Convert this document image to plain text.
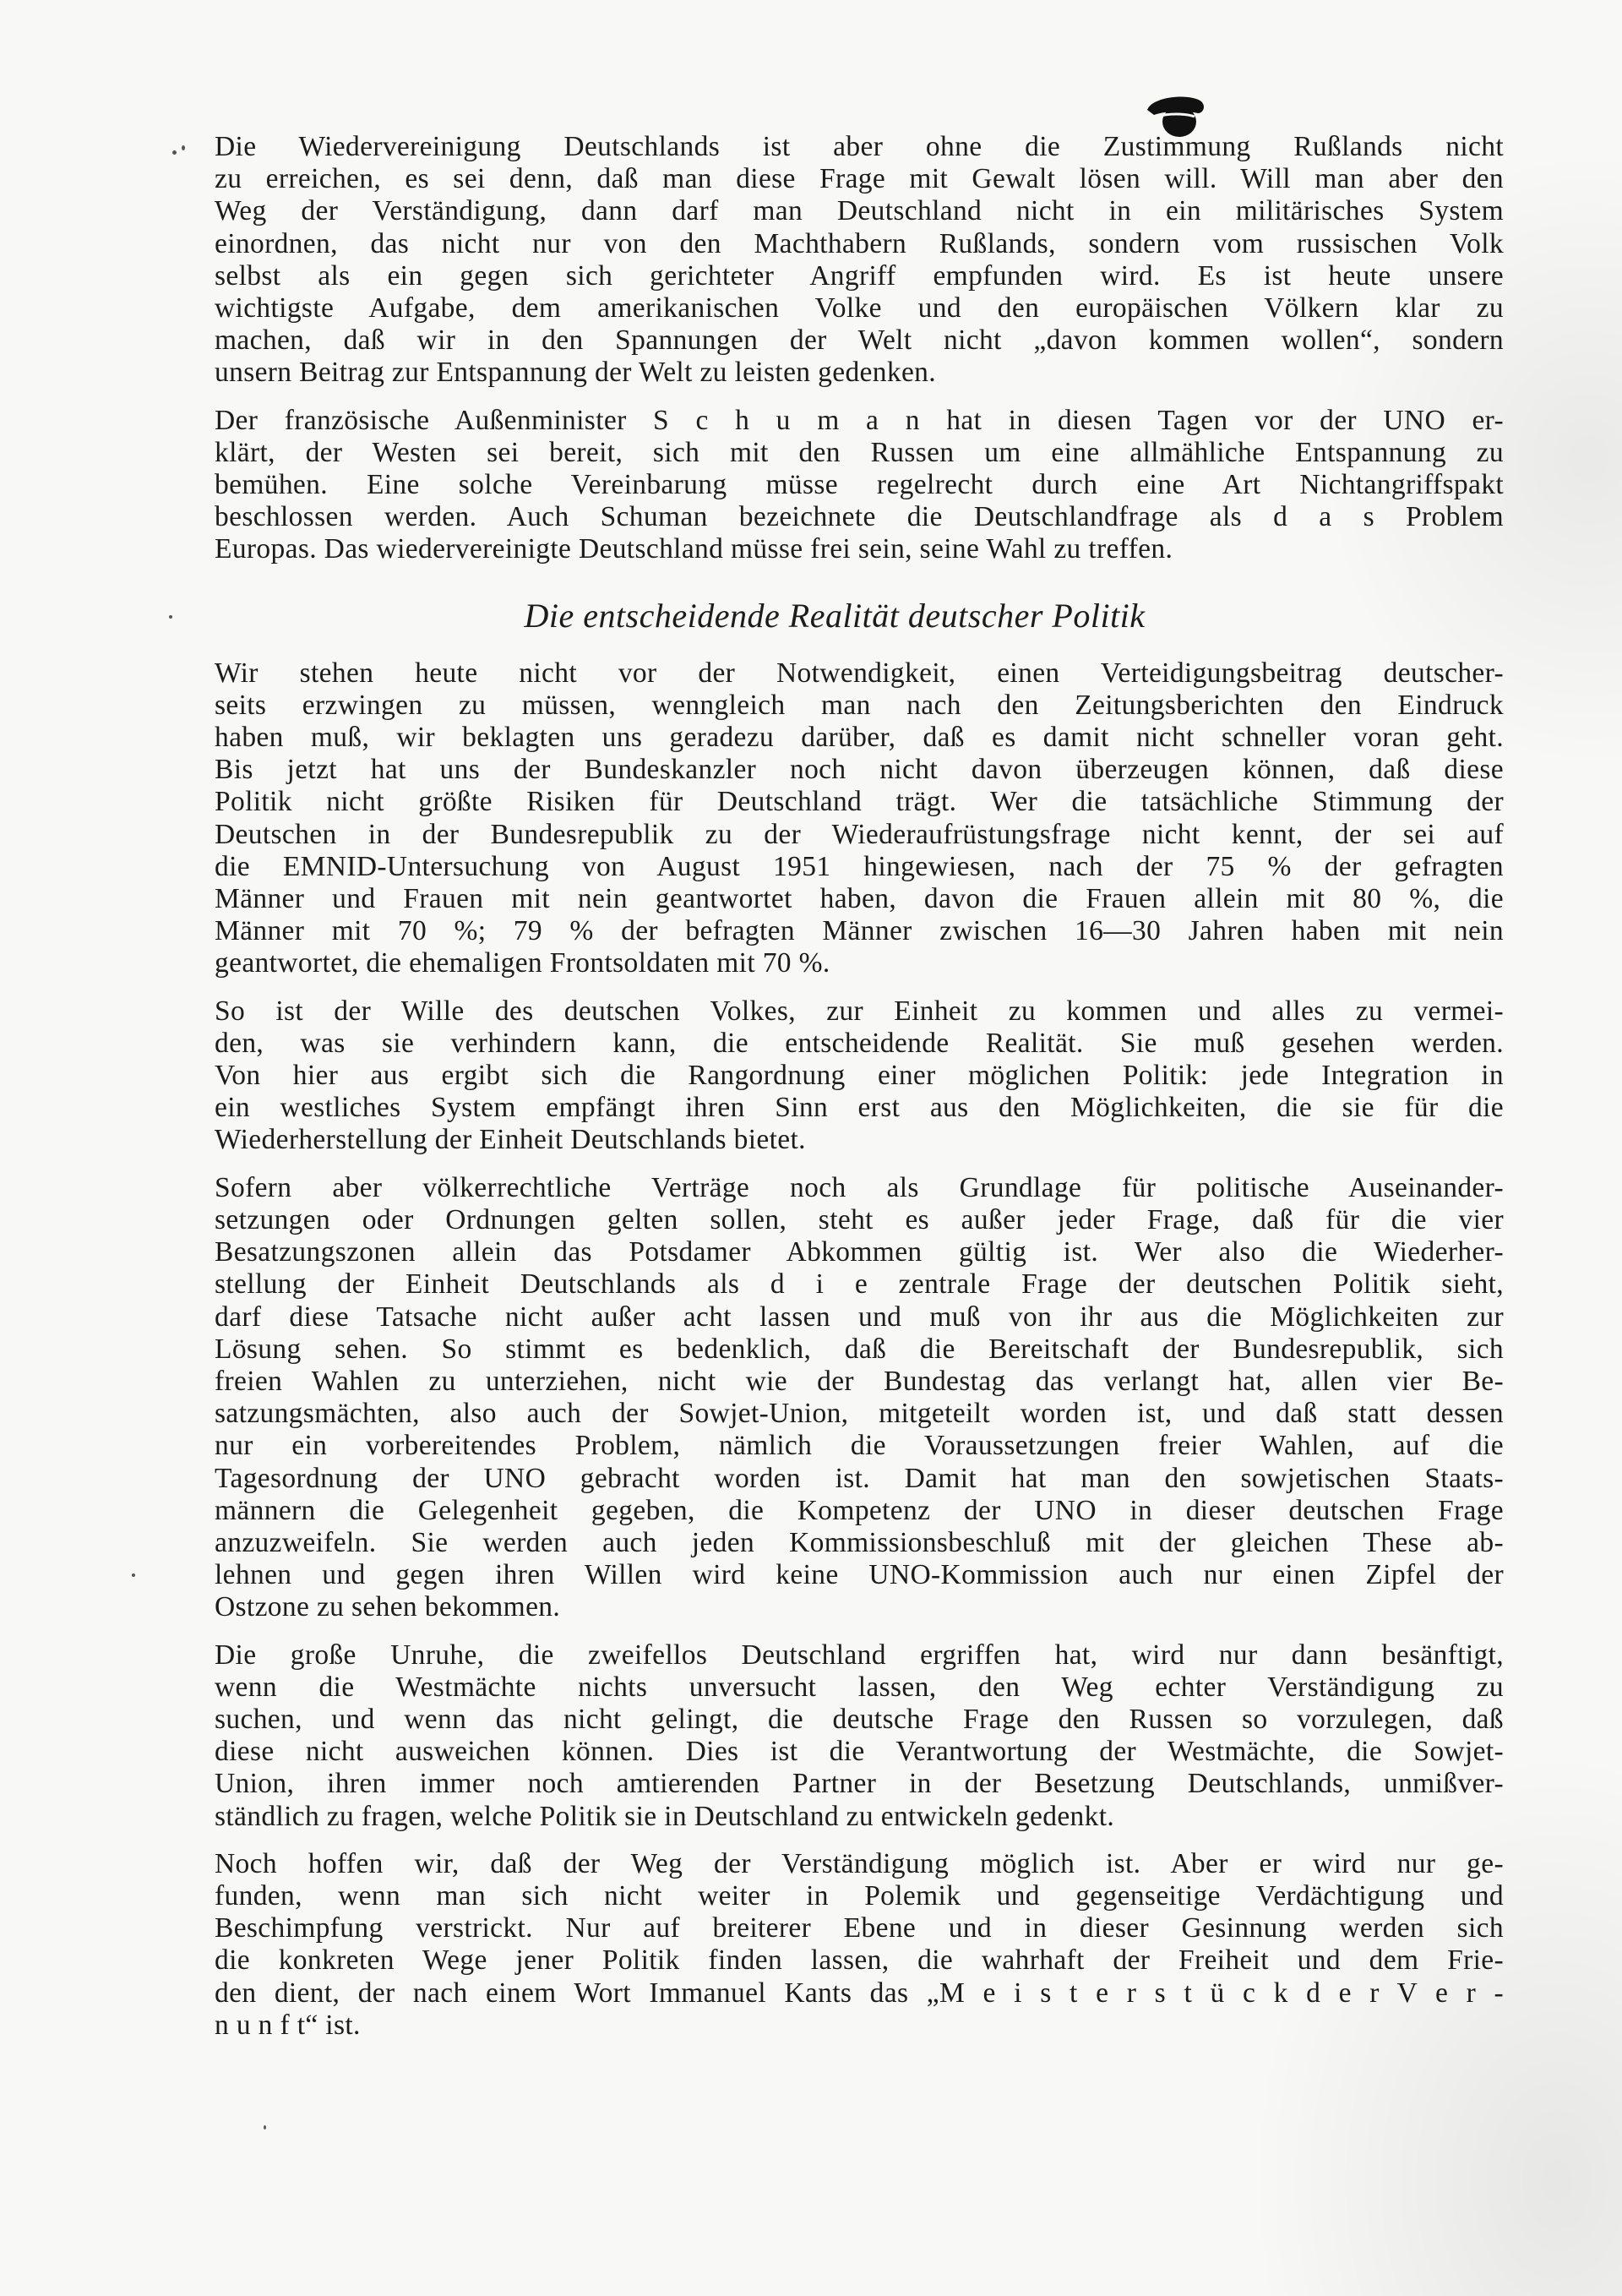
Die Wiedervereinigung Deutschlands ist aber ohne die Zustimmung Rußlands nicht
zu erreichen, es sei denn, daß man diese Frage mit Gewalt lösen will. Will man aber den
Weg der Verständigung, dann darf man Deutschland nicht in ein militärisches System
einordnen, das nicht nur von den Machthabern Rußlands, sondern vom russischen Volk
selbst als ein gegen sich gerichteter Angriff empfunden wird. Es ist heute unsere
wichtigste Aufgabe, dem amerikanischen Volke und den europäischen Völkern klar zu
machen, daß wir in den Spannungen der Welt nicht „davon kommen wollen“, sondern
unsern Beitrag zur Entspannung der Welt zu leisten gedenken.
Der französische Außenminister S c h u m a n hat in diesen Tagen vor der UNO er-
klärt, der Westen sei bereit, sich mit den Russen um eine allmähliche Entspannung zu
bemühen. Eine solche Vereinbarung müsse regelrecht durch eine Art Nichtangriffspakt
beschlossen werden. Auch Schuman bezeichnete die Deutschlandfrage als d a s Problem
Europas. Das wiedervereinigte Deutschland müsse frei sein, seine Wahl zu treffen.
Die entscheidende Realität deutscher Politik
Wir stehen heute nicht vor der Notwendigkeit, einen Verteidigungsbeitrag deutscher-
seits erzwingen zu müssen, wenngleich man nach den Zeitungsberichten den Eindruck
haben muß, wir beklagten uns geradezu darüber, daß es damit nicht schneller voran geht.
Bis jetzt hat uns der Bundeskanzler noch nicht davon überzeugen können, daß diese
Politik nicht größte Risiken für Deutschland trägt. Wer die tatsächliche Stimmung der
Deutschen in der Bundesrepublik zu der Wiederaufrüstungsfrage nicht kennt, der sei auf
die EMNID-Untersuchung von August 1951 hingewiesen, nach der 75 % der gefragten
Männer und Frauen mit nein geantwortet haben, davon die Frauen allein mit 80 %, die
Männer mit 70 %; 79 % der befragten Männer zwischen 16—30 Jahren haben mit nein
geantwortet, die ehemaligen Frontsoldaten mit 70 %.
So ist der Wille des deutschen Volkes, zur Einheit zu kommen und alles zu vermei-
den, was sie verhindern kann, die entscheidende Realität. Sie muß gesehen werden.
Von hier aus ergibt sich die Rangordnung einer möglichen Politik: jede Integration in
ein westliches System empfängt ihren Sinn erst aus den Möglichkeiten, die sie für die
Wiederherstellung der Einheit Deutschlands bietet.
Sofern aber völkerrechtliche Verträge noch als Grundlage für politische Auseinander-
setzungen oder Ordnungen gelten sollen, steht es außer jeder Frage, daß für die vier
Besatzungszonen allein das Potsdamer Abkommen gültig ist. Wer also die Wiederher-
stellung der Einheit Deutschlands als d i e zentrale Frage der deutschen Politik sieht,
darf diese Tatsache nicht außer acht lassen und muß von ihr aus die Möglichkeiten zur
Lösung sehen. So stimmt es bedenklich, daß die Bereitschaft der Bundesrepublik, sich
freien Wahlen zu unterziehen, nicht wie der Bundestag das verlangt hat, allen vier Be-
satzungsmächten, also auch der Sowjet-Union, mitgeteilt worden ist, und daß statt dessen
nur ein vorbereitendes Problem, nämlich die Voraussetzungen freier Wahlen, auf die
Tagesordnung der UNO gebracht worden ist. Damit hat man den sowjetischen Staats-
männern die Gelegenheit gegeben, die Kompetenz der UNO in dieser deutschen Frage
anzuzweifeln. Sie werden auch jeden Kommissionsbeschluß mit der gleichen These ab-
lehnen und gegen ihren Willen wird keine UNO-Kommission auch nur einen Zipfel der
Ostzone zu sehen bekommen.
Die große Unruhe, die zweifellos Deutschland ergriffen hat, wird nur dann besänftigt,
wenn die Westmächte nichts unversucht lassen, den Weg echter Verständigung zu
suchen, und wenn das nicht gelingt, die deutsche Frage den Russen so vorzulegen, daß
diese nicht ausweichen können. Dies ist die Verantwortung der Westmächte, die Sowjet-
Union, ihren immer noch amtierenden Partner in der Besetzung Deutschlands, unmißver-
ständlich zu fragen, welche Politik sie in Deutschland zu entwickeln gedenkt.
Noch hoffen wir, daß der Weg der Verständigung möglich ist. Aber er wird nur ge-
funden, wenn man sich nicht weiter in Polemik und gegenseitige Verdächtigung und
Beschimpfung verstrickt. Nur auf breiterer Ebene und in dieser Gesinnung werden sich
die konkreten Wege jener Politik finden lassen, die wahrhaft der Freiheit und dem Frie-
den dient, der nach einem Wort Immanuel Kants das „M e i s t e r s t ü c k d e r V e r -
n u n f t“ ist.
